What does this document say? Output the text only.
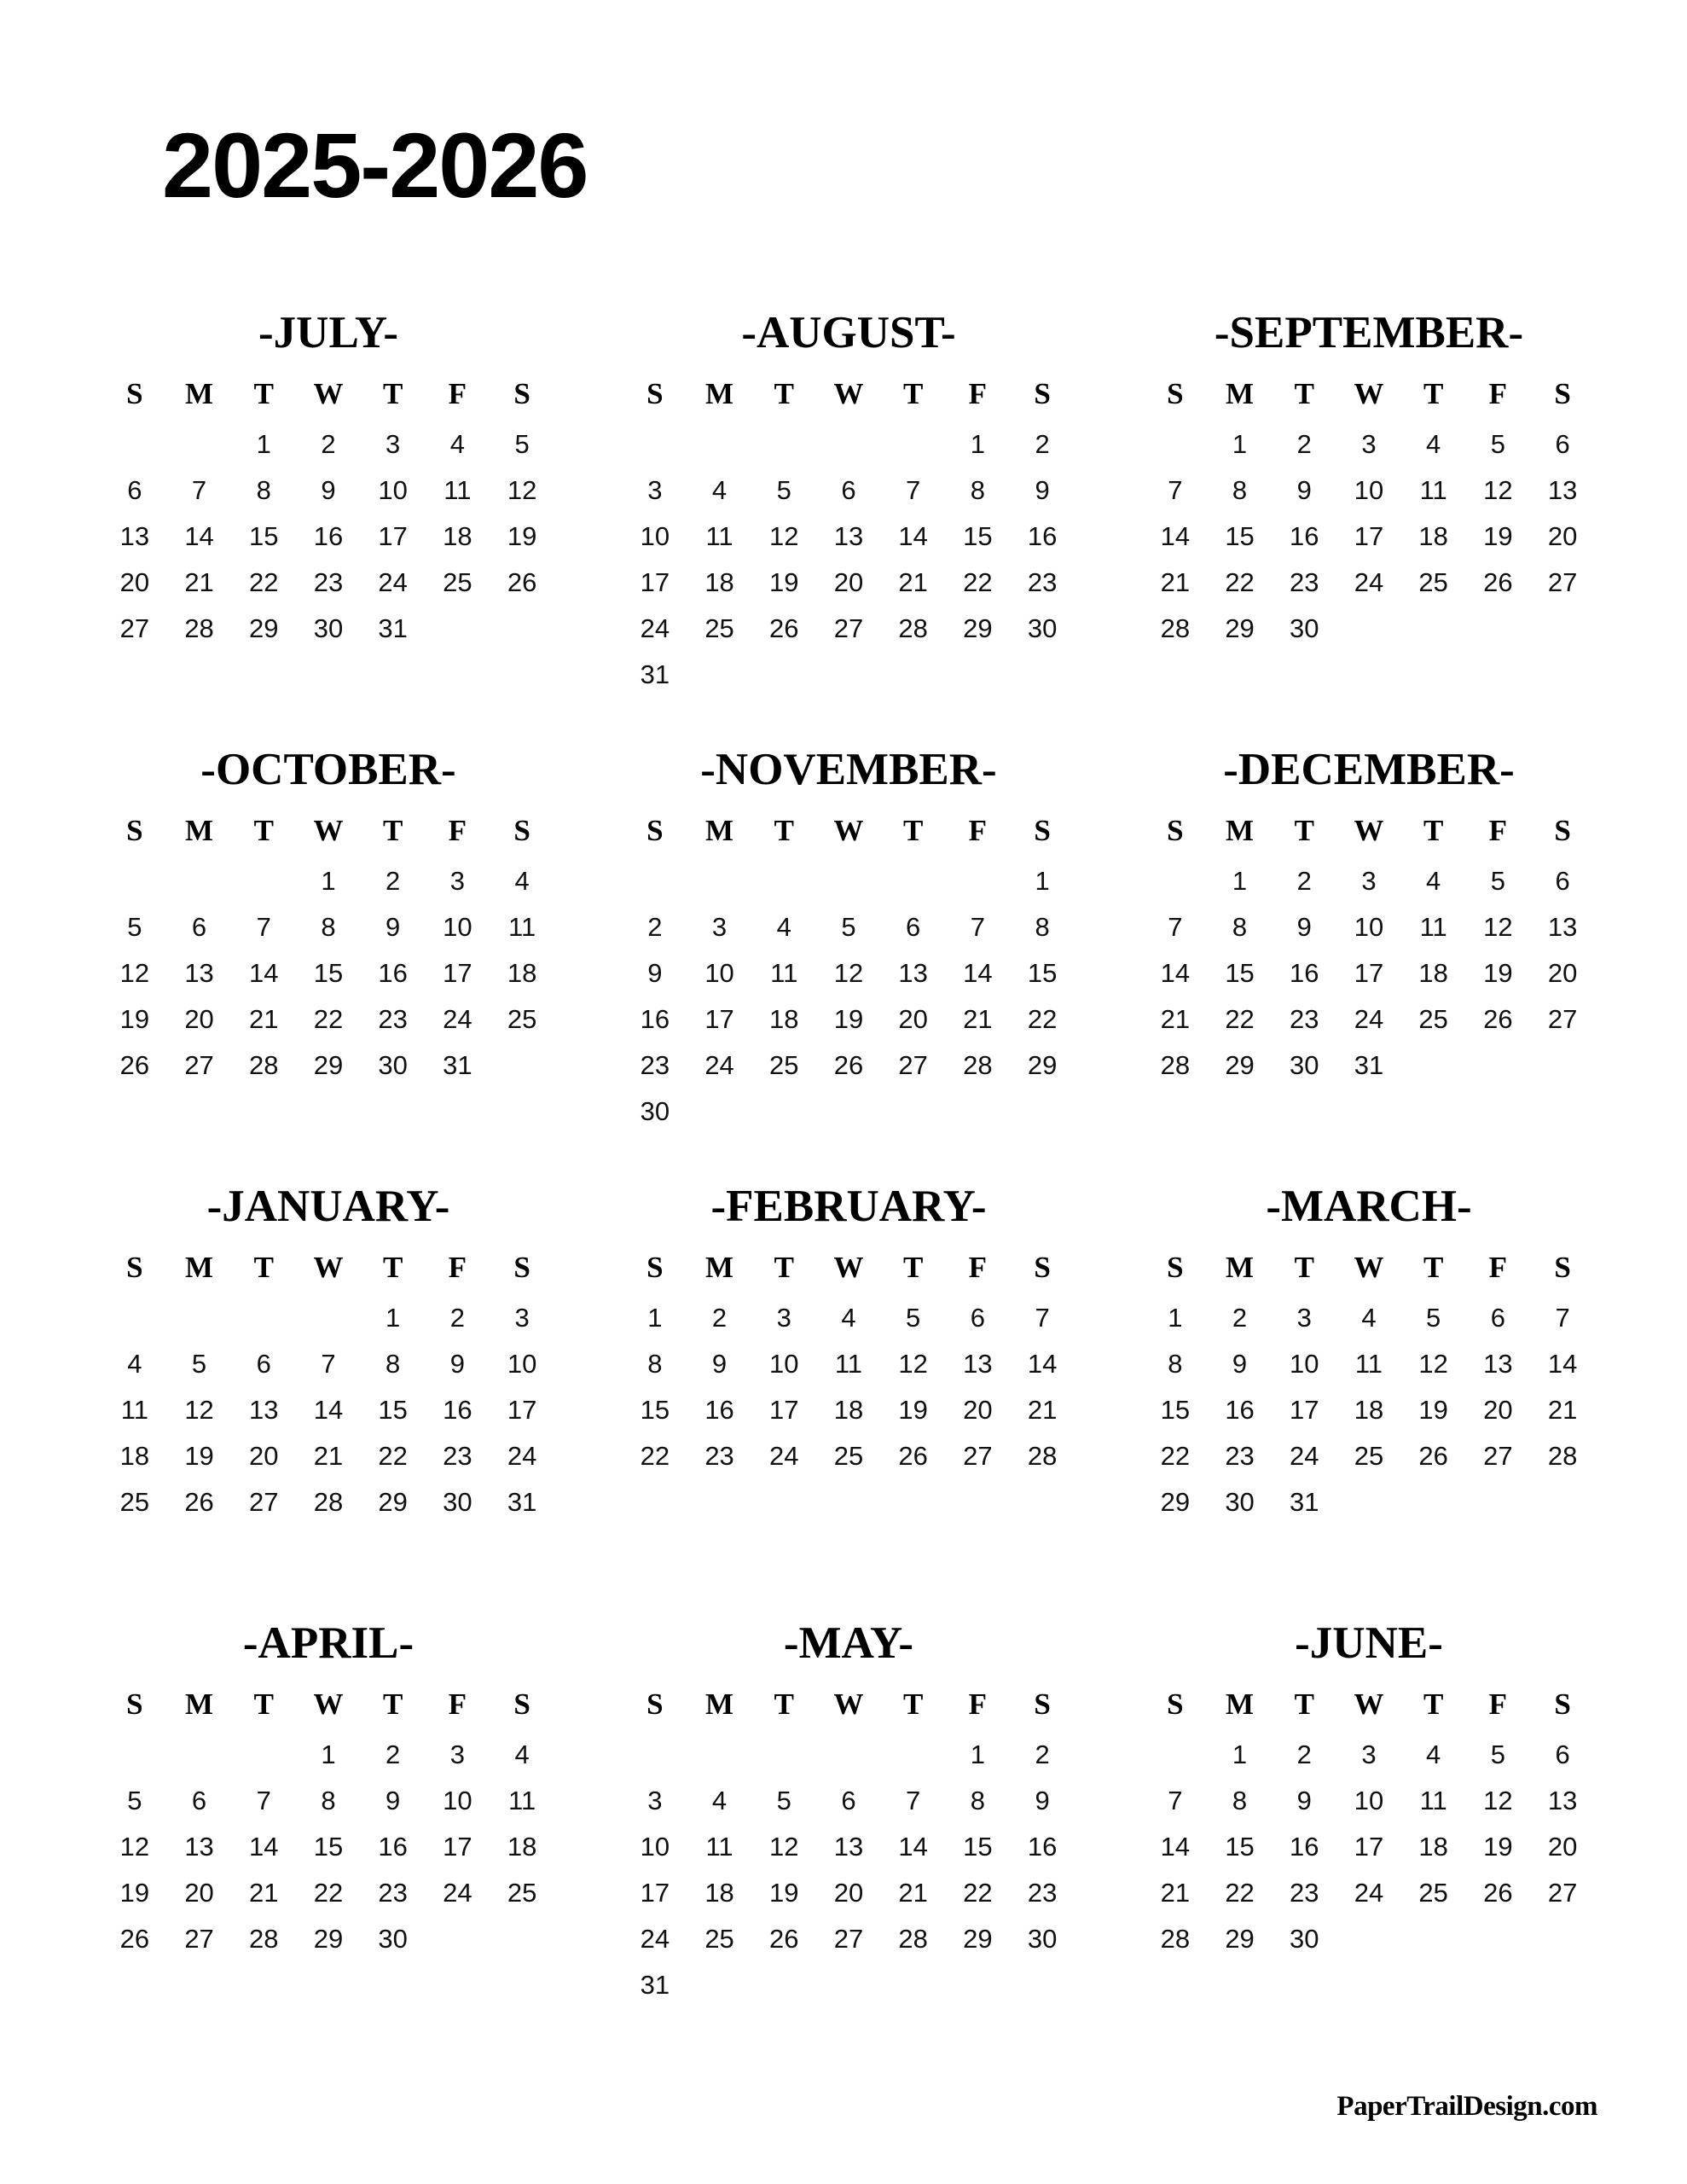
2025-2026
-JULY-
S	M	T	W	T	F	S
		1	2	3	4	5
6	7	8	9	10	11	12
13	14	15	16	17	18	19
20	21	22	23	24	25	26
27	28	29	30	31		

-AUGUST-
S	M	T	W	T	F	S
					1	2
3	4	5	6	7	8	9
10	11	12	13	14	15	16
17	18	19	20	21	22	23
24	25	26	27	28	29	30
31						
-SEPTEMBER-
S	M	T	W	T	F	S
	1	2	3	4	5	6
7	8	9	10	11	12	13
14	15	16	17	18	19	20
21	22	23	24	25	26	27
28	29	30				

-OCTOBER-
S	M	T	W	T	F	S
			1	2	3	4
5	6	7	8	9	10	11
12	13	14	15	16	17	18
19	20	21	22	23	24	25
26	27	28	29	30	31	

-NOVEMBER-
S	M	T	W	T	F	S
						1
2	3	4	5	6	7	8
9	10	11	12	13	14	15
16	17	18	19	20	21	22
23	24	25	26	27	28	29
30						
-DECEMBER-
S	M	T	W	T	F	S
	1	2	3	4	5	6
7	8	9	10	11	12	13
14	15	16	17	18	19	20
21	22	23	24	25	26	27
28	29	30	31			

-JANUARY-
S	M	T	W	T	F	S
				1	2	3
4	5	6	7	8	9	10
11	12	13	14	15	16	17
18	19	20	21	22	23	24
25	26	27	28	29	30	31

-FEBRUARY-
S	M	T	W	T	F	S
1	2	3	4	5	6	7
8	9	10	11	12	13	14
15	16	17	18	19	20	21
22	23	24	25	26	27	28

-MARCH-
S	M	T	W	T	F	S
1	2	3	4	5	6	7
8	9	10	11	12	13	14
15	16	17	18	19	20	21
22	23	24	25	26	27	28
29	30	31				

-APRIL-
S	M	T	W	T	F	S
			1	2	3	4
5	6	7	8	9	10	11
12	13	14	15	16	17	18
19	20	21	22	23	24	25
26	27	28	29	30		

-MAY-
S	M	T	W	T	F	S
					1	2
3	4	5	6	7	8	9
10	11	12	13	14	15	16
17	18	19	20	21	22	23
24	25	26	27	28	29	30
31						
-JUNE-
S	M	T	W	T	F	S
	1	2	3	4	5	6
7	8	9	10	11	12	13
14	15	16	17	18	19	20
21	22	23	24	25	26	27
28	29	30				

PaperTrailDesign.com
